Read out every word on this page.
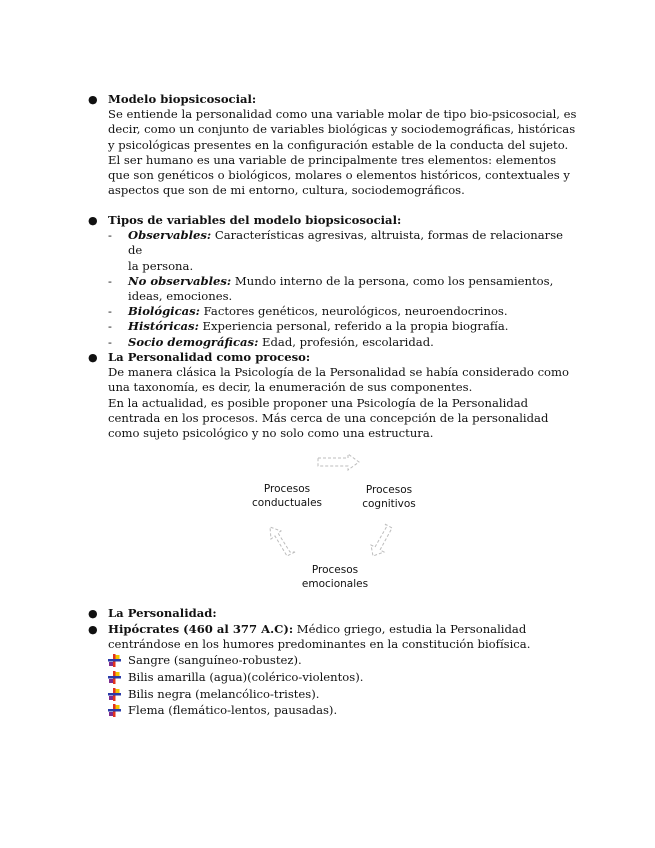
● Modelo biopsicosocial:
Se entiende la personalidad como una variable molar de tipo bio-psicosocial, es
decir, como un conjunto de variables biológicas y sociodemográficas, históricas
y psicológicas presentes en la configuración estable de la conducta del sujeto.
El ser humano es una variable de principalmente tres elementos: elementos
que son genéticos o biológicos, molares o elementos históricos, contextuales y
aspectos que son de mi entorno, cultura, sociodemográficos.
● Tipos de variables del modelo biopsicosocial:
- Observables: Características agresivas, altruista, formas de relacionarse de
la persona.
- No observables: Mundo interno de la persona, como los pensamientos,
ideas, emociones.
- Biológicas: Factores genéticos, neurológicos, neuroendocrinos.
- Históricas: Experiencia personal, referido a la propia biografía.
- Socio demográficas: Edad, profesión, escolaridad.
● La Personalidad como proceso:
De manera clásica la Psicología de la Personalidad se había considerado como
una taxonomía, es decir, la enumeración de sus componentes.
En la actualidad, es posible proponer una Psicología de la Personalidad
centrada en los procesos. Más cerca de una concepción de la personalidad
como sujeto psicológico y no solo como una estructura.
Procesos
conductuales
Procesos
cognitivos
Procesos
emocionales
● La Personalidad:
● Hipócrates (460 al 377 A.C): Médico griego, estudia la Personalidad
centrándose en los humores predominantes en la constitución biofísica.
Sangre (sanguíneo-robustez).
Bilis amarilla (agua)(colérico-violentos).
Bilis negra (melancólico-tristes).
Flema (flemático-lentos, pausadas).
